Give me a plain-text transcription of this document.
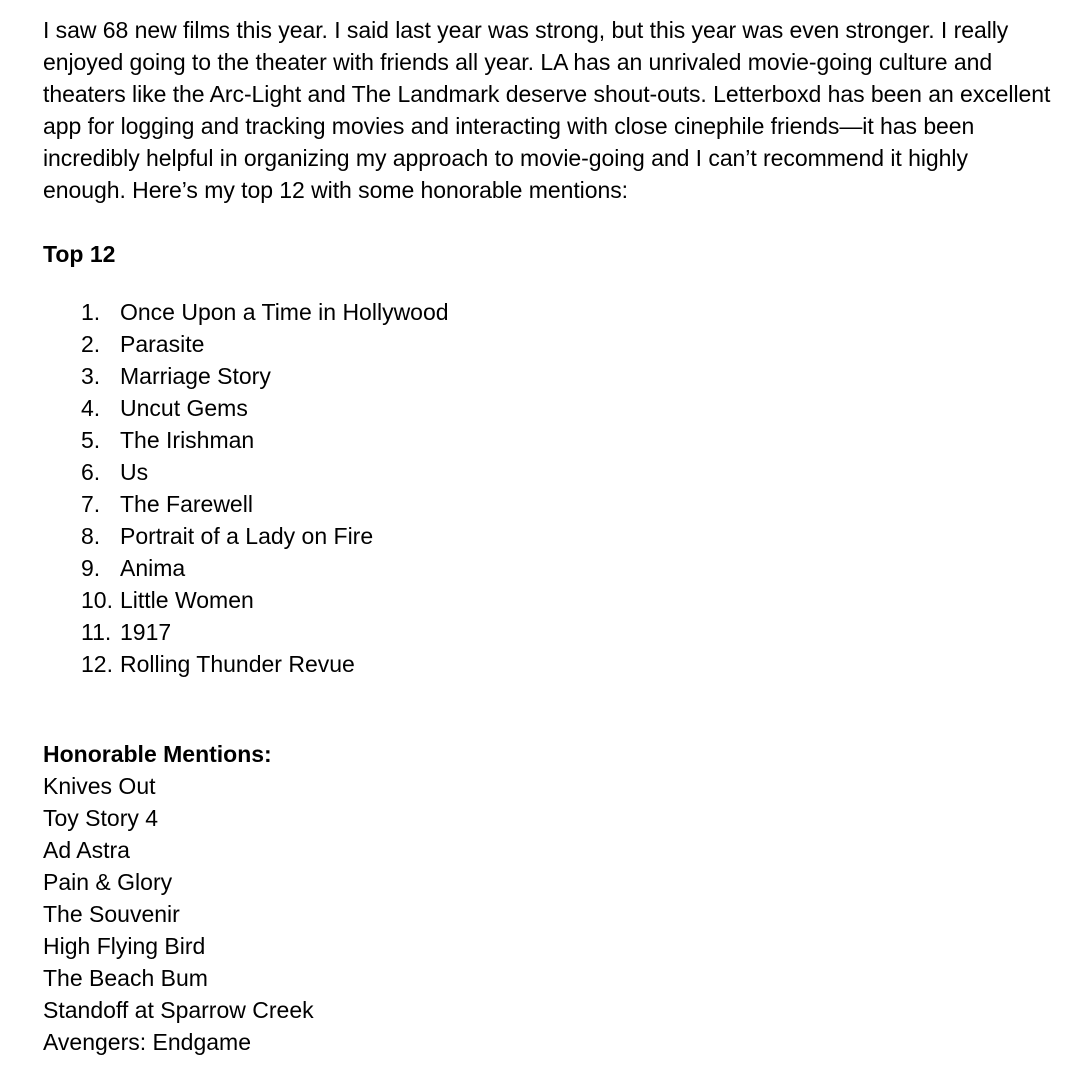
I saw 68 new films this year. I said last year was strong, but this year was even stronger. I really enjoyed going to the theater with friends all year. LA has an unrivaled movie-going culture and theaters like the Arc-Light and The Landmark deserve shout-outs. Letterboxd has been an excellent app for logging and tracking movies and interacting with close cinephile friends—it has been incredibly helpful in organizing my approach to movie-going and I can’t recommend it highly enough. Here’s my top 12 with some honorable mentions:

Top 12

1. Once Upon a Time in Hollywood
2. Parasite
3. Marriage Story
4. Uncut Gems
5. The Irishman
6. Us
7. The Farewell
8. Portrait of a Lady on Fire
9. Anima
10. Little Women
11. 1917
12. Rolling Thunder Revue

Honorable Mentions:

Knives Out
Toy Story 4
Ad Astra
Pain & Glory
The Souvenir
High Flying Bird
The Beach Bum
Standoff at Sparrow Creek
Avengers: Endgame
